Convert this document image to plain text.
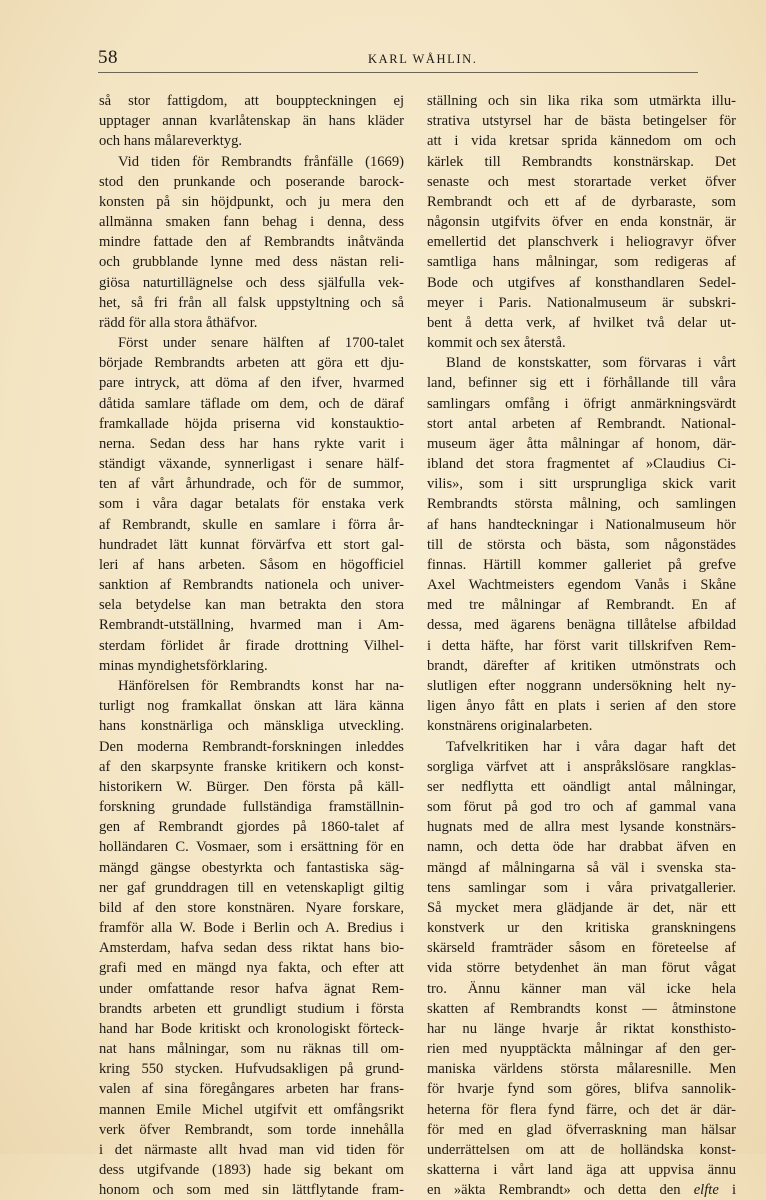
58	KARL WÅHLIN.
så stor fattigdom, att bouppteckningen ej
upptager annan kvarlåtenskap än hans kläder
och hans målareverktyg.
Vid tiden för Rembrandts frånfälle (1669)
stod den prunkande och poserande barock-
konsten på sin höjdpunkt, och ju mera den
allmänna smaken fann behag i denna, dess
mindre fattade den af Rembrandts inåtvända
och grubblande lynne med dess nästan reli-
giösa naturtillägnelse och dess själfulla vek-
het, så fri från all falsk uppstyltning och så
rädd för alla stora åthäfvor.
Först under senare hälften af 1700-talet
började Rembrandts arbeten att göra ett dju-
pare intryck, att döma af den ifver, hvarmed
dåtida samlare täflade om dem, och de däraf
framkallade höjda priserna vid konstauktio-
nerna. Sedan dess har hans rykte varit i
ständigt växande, synnerligast i senare hälf-
ten af vårt århundrade, och för de summor,
som i våra dagar betalats för enstaka verk
af Rembrandt, skulle en samlare i förra år-
hundradet lätt kunnat förvärfva ett stort gal-
leri af hans arbeten. Såsom en högofficiel
sanktion af Rembrandts nationela och univer-
sela betydelse kan man betrakta den stora
Rembrandt-utställning, hvarmed man i Am-
sterdam förlidet år firade drottning Vilhel-
minas myndighetsförklaring.
Hänförelsen för Rembrandts konst har na-
turligt nog framkallat önskan att lära känna
hans konstnärliga och mänskliga utveckling.
Den moderna Rembrandt-forskningen inleddes
af den skarpsynte franske kritikern och konst-
historikern W. Bürger. Den första på käll-
forskning grundade fullständiga framställnin-
gen af Rembrandt gjordes på 1860-talet af
holländaren C. Vosmaer, som i ersättning för en
mängd gängse obestyrkta och fantastiska säg-
ner gaf grunddragen till en vetenskapligt giltig
bild af den store konstnären. Nyare forskare,
framför alla W. Bode i Berlin och A. Bredius i
Amsterdam, hafva sedan dess riktat hans bio-
grafi med en mängd nya fakta, och efter att
under omfattande resor hafva ägnat Rem-
brandts arbeten ett grundligt studium i första
hand har Bode kritiskt och kronologiskt förteck-
nat hans målningar, som nu räknas till om-
kring 550 stycken. Hufvudsakligen på grund-
valen af sina föregångares arbeten har frans-
mannen Emile Michel utgifvit ett omfångsrikt
verk öfver Rembrandt, som torde innehålla
i det närmaste allt hvad man vid tiden för
dess utgifvande (1893) hade sig bekant om
honom och som med sin lättflytande fram-
ställning och sin lika rika som utmärkta illu-
strativa utstyrsel har de bästa betingelser för
att i vida kretsar sprida kännedom om och
kärlek till Rembrandts konstnärskap. Det
senaste och mest storartade verket öfver
Rembrandt och ett af de dyrbaraste, som
någonsin utgifvits öfver en enda konstnär, är
emellertid det planschverk i heliogravyr öfver
samtliga hans målningar, som redigeras af
Bode och utgifves af konsthandlaren Sedel-
meyer i Paris. Nationalmuseum är subskri-
bent å detta verk, af hvilket två delar ut-
kommit och sex återstå.
Bland de konstskatter, som förvaras i vårt
land, befinner sig ett i förhållande till våra
samlingars omfång i öfrigt anmärkningsvärdt
stort antal arbeten af Rembrandt. National-
museum äger åtta målningar af honom, där-
ibland det stora fragmentet af »Claudius Ci-
vilis», som i sitt ursprungliga skick varit
Rembrandts största målning, och samlingen
af hans handteckningar i Nationalmuseum hör
till de största och bästa, som någonstädes
finnas. Härtill kommer galleriet på grefve
Axel Wachtmeisters egendom Vanås i Skåne
med tre målningar af Rembrandt. En af
dessa, med ägarens benägna tillåtelse afbildad
i detta häfte, har först varit tillskrifven Rem-
brandt, därefter af kritiken utmönstrats och
slutligen efter noggrann undersökning helt ny-
ligen ånyo fått en plats i serien af den store
konstnärens originalarbeten.
Tafvelkritiken har i våra dagar haft det
sorgliga värfvet att i anspråkslösare rangklas-
ser nedflytta ett oändligt antal målningar,
som förut på god tro och af gammal vana
hugnats med de allra mest lysande konstnärs-
namn, och detta öde har drabbat äfven en
mängd af målningarna så väl i svenska sta-
tens samlingar som i våra privatgallerier.
Så mycket mera glädjande är det, när ett
konstverk ur den kritiska granskningens
skärseld framträder såsom en företeelse af
vida större betydenhet än man förut vågat
tro. Ännu känner man väl icke hela
skatten af Rembrandts konst — åtminstone
har nu länge hvarje år riktat konsthisto-
rien med nyupptäckta målningar af den ger-
maniska världens största målaresnille. Men
för hvarje fynd som göres, blifva sannolik-
heterna för flera fynd färre, och det är där-
för med en glad öfverraskning man hälsar
underrättelsen om att de holländska konst-
skatterna i vårt land äga att uppvisa ännu
en »äkta Rembrandt» och detta den elfte i
